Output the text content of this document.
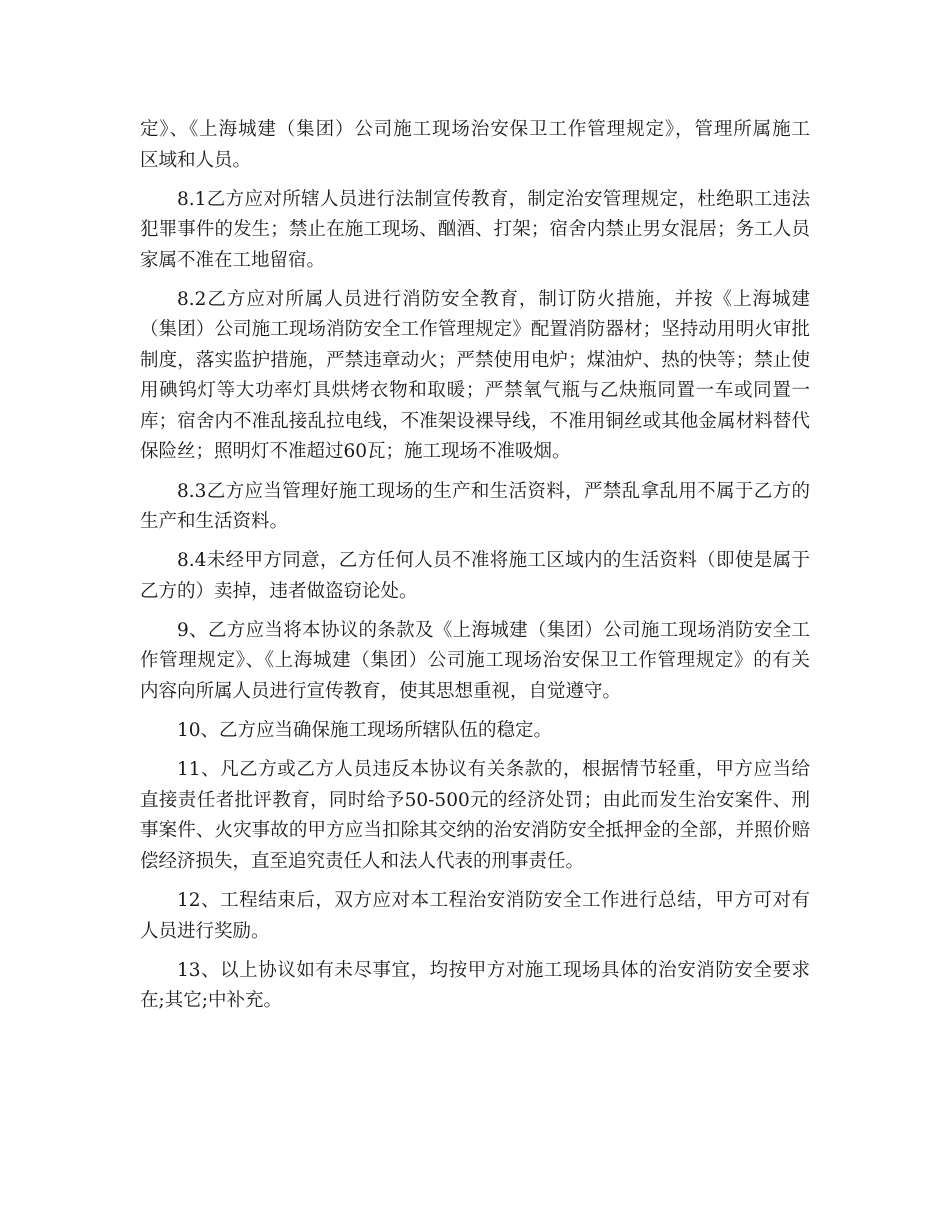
定》、《上海城建（集团）公司施工现场治安保卫工作管理规定》，管理所属施工
区域和人员。
8.1乙方应对所辖人员进行法制宣传教育，制定治安管理规定，杜绝职工违法
犯罪事件的发生；禁止在施工现场、酗酒、打架；宿舍内禁止男女混居；务工人员
家属不准在工地留宿。
8.2乙方应对所属人员进行消防安全教育，制订防火措施，并按《上海城建
（集团）公司施工现场消防安全工作管理规定》配置消防器材；坚持动用明火审批
制度，落实监护措施，严禁违章动火；严禁使用电炉；煤油炉、热的快等；禁止使
用碘钨灯等大功率灯具烘烤衣物和取暖；严禁氧气瓶与乙炔瓶同置一车或同置一
库；宿舍内不准乱接乱拉电线，不准架设裸导线，不准用铜丝或其他金属材料替代
保险丝；照明灯不准超过60瓦；施工现场不准吸烟。
8.3乙方应当管理好施工现场的生产和生活资料，严禁乱拿乱用不属于乙方的
生产和生活资料。
8.4未经甲方同意，乙方任何人员不准将施工区域内的生活资料（即使是属于
乙方的）卖掉，违者做盗窃论处。
9、乙方应当将本协议的条款及《上海城建（集团）公司施工现场消防安全工
作管理规定》、《上海城建（集团）公司施工现场治安保卫工作管理规定》的有关
内容向所属人员进行宣传教育，使其思想重视，自觉遵守。
10、乙方应当确保施工现场所辖队伍的稳定。
11、凡乙方或乙方人员违反本协议有关条款的，根据情节轻重，甲方应当给
直接责任者批评教育，同时给予50-500元的经济处罚；由此而发生治安案件、刑
事案件、火灾事故的甲方应当扣除其交纳的治安消防安全抵押金的全部，并照价赔
偿经济损失，直至追究责任人和法人代表的刑事责任。
12、工程结束后，双方应对本工程治安消防安全工作进行总结，甲方可对有
人员进行奖励。
13、以上协议如有未尽事宜，均按甲方对施工现场具体的治安消防安全要求
在;其它;中补充。
